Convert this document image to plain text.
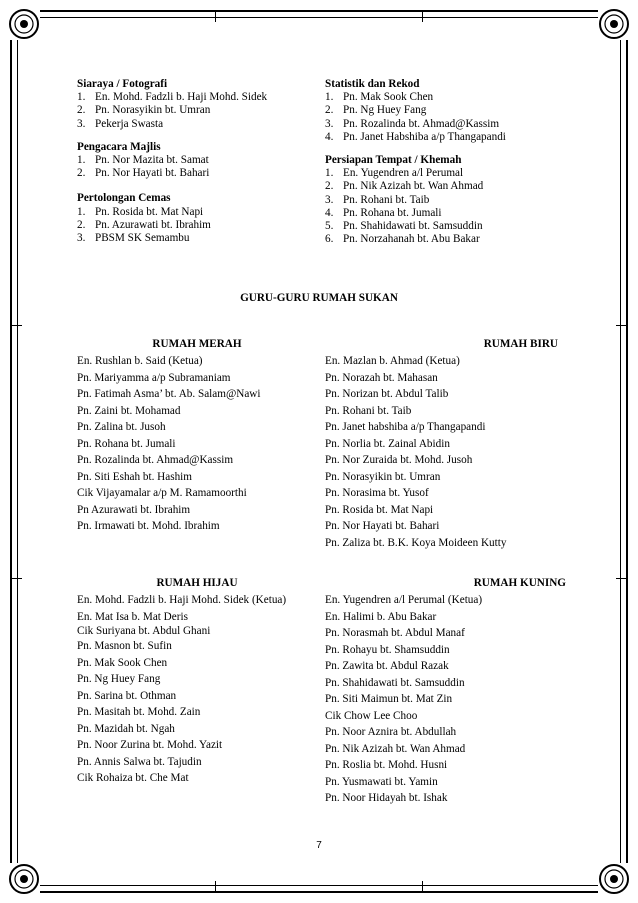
Siaraya / Fotografi
1. En. Mohd. Fadzli b. Haji Mohd. Sidek
2. Pn. Norasyikin bt. Umran
3. Pekerja Swasta
Pengacara Majlis
1. Pn. Nor Mazita bt. Samat
2. Pn. Nor Hayati bt. Bahari
Pertolongan Cemas
1. Pn. Rosida bt. Mat Napi
2. Pn. Azurawati bt. Ibrahim
3. PBSM SK Semambu
Statistik dan Rekod
1. Pn. Mak Sook Chen
2. Pn. Ng Huey Fang
3. Pn. Rozalinda bt. Ahmad@Kassim
4. Pn. Janet Habshiba a/p Thangapandi
Persiapan Tempat / Khemah
1. En. Yugendren a/l Perumal
2. Pn. Nik Azizah bt. Wan Ahmad
3. Pn. Rohani bt. Taib
4. Pn. Rohana bt. Jumali
5. Pn. Shahidawati bt. Samsuddin
6. Pn. Norzahanah bt. Abu Bakar
GURU-GURU RUMAH SUKAN
RUMAH MERAH
En. Rushlan b. Said (Ketua)
Pn. Mariyamma a/p Subramaniam
Pn. Fatimah Asma’ bt. Ab. Salam@Nawi
Pn. Zaini bt. Mohamad
Pn. Zalina bt. Jusoh
Pn. Rohana bt. Jumali
Pn. Rozalinda bt. Ahmad@Kassim
Pn. Siti Eshah bt. Hashim
Cik Vijayamalar a/p M. Ramamoorthi
Pn Azurawati bt. Ibrahim
Pn. Irmawati bt. Mohd. Ibrahim
RUMAH BIRU
En. Mazlan b. Ahmad (Ketua)
Pn. Norazah bt. Mahasan
Pn. Norizan bt. Abdul Talib
Pn. Rohani bt. Taib
Pn. Janet habshiba a/p Thangapandi
Pn. Norlia bt. Zainal Abidin
Pn. Nor Zuraida bt. Mohd. Jusoh
Pn. Norasyikin bt. Umran
Pn. Norasima bt. Yusof
Pn. Rosida bt. Mat Napi
Pn. Nor Hayati bt. Bahari
Pn. Zaliza bt. B.K. Koya Moideen Kutty
RUMAH HIJAU
En. Mohd. Fadzli b. Haji Mohd. Sidek (Ketua)
En. Mat Isa b. Mat Deris
Cik Suriyana bt. Abdul Ghani
Pn. Masnon bt. Sufin
Pn. Mak Sook Chen
Pn. Ng Huey Fang
Pn. Sarina bt. Othman
Pn. Masitah bt. Mohd. Zain
Pn. Mazidah bt. Ngah
Pn. Noor Zurina bt. Mohd. Yazit
Pn. Annis Salwa bt. Tajudin
Cik Rohaiza bt. Che Mat
RUMAH KUNING
En. Yugendren a/l Perumal (Ketua)
En. Halimi b. Abu Bakar
Pn. Norasmah bt. Abdul Manaf
Pn. Rohayu bt. Shamsuddin
Pn. Zawita bt. Abdul Razak
Pn. Shahidawati bt. Samsuddin
Pn. Siti Maimun bt. Mat Zin
Cik Chow Lee Choo
Pn. Noor Aznira bt. Abdullah
Pn. Nik Azizah bt. Wan Ahmad
Pn. Roslia bt. Mohd. Husni
Pn. Yusmawati bt. Yamin
Pn. Noor Hidayah bt. Ishak
7
